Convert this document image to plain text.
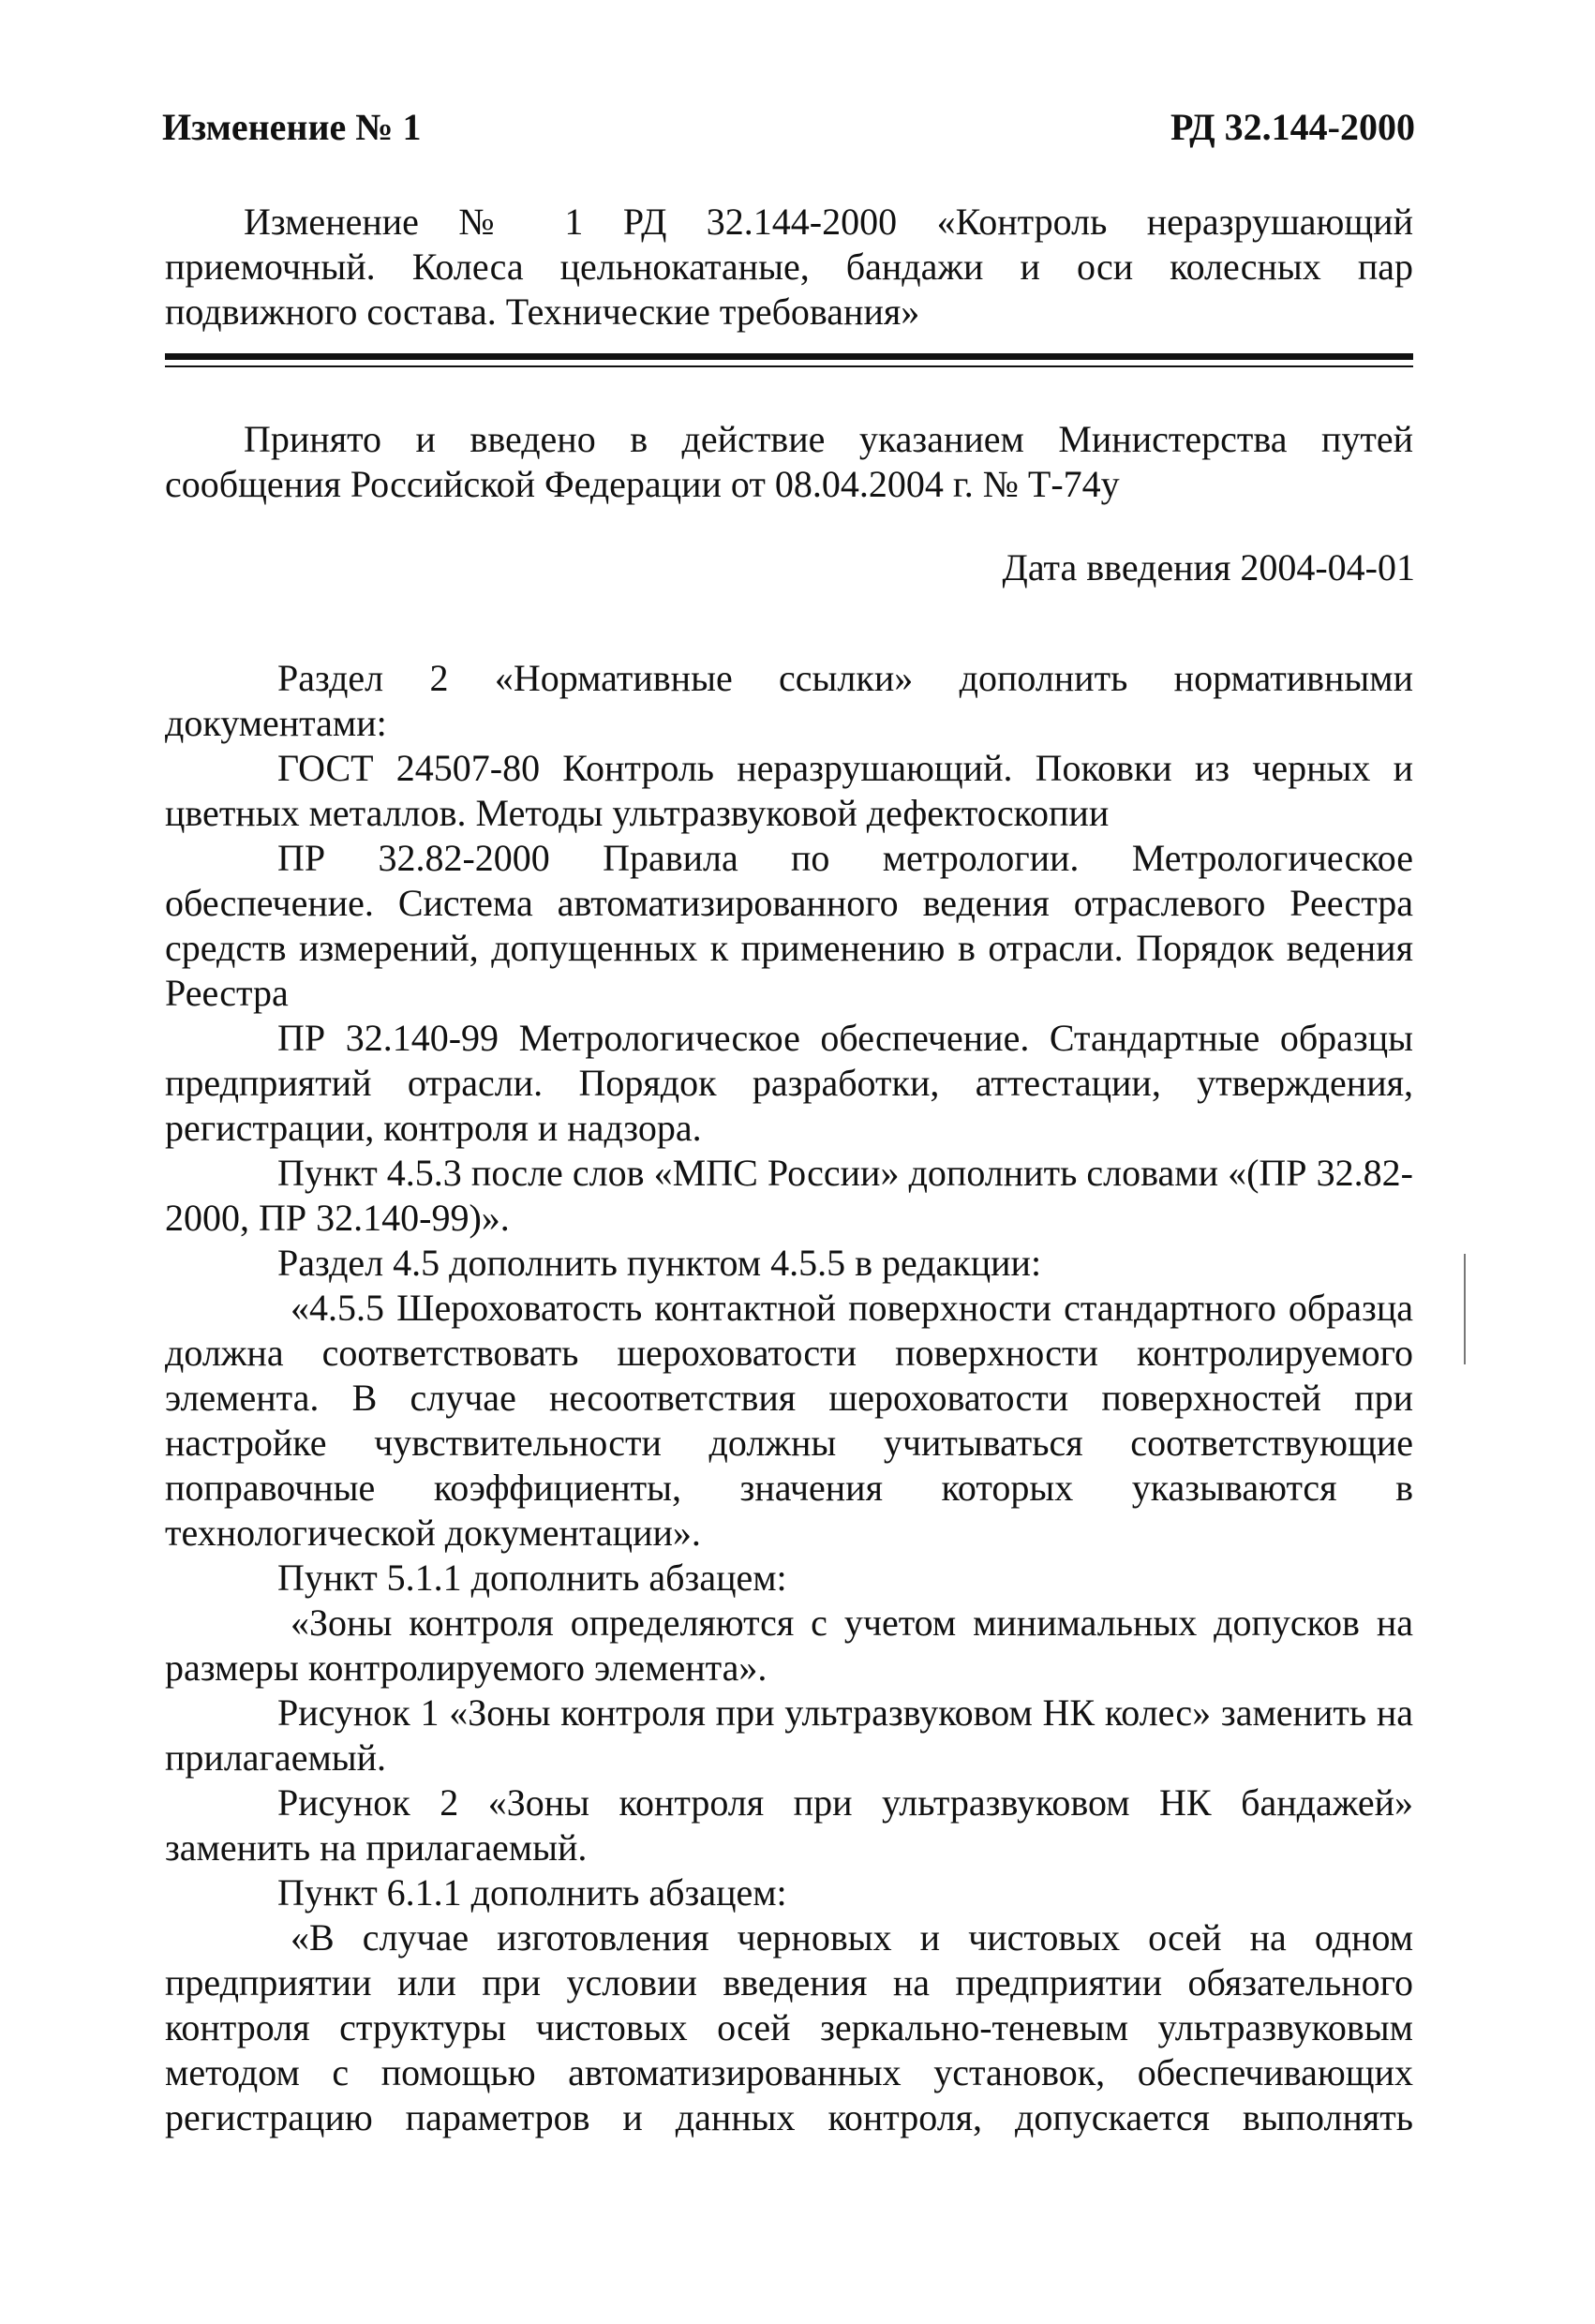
Изменение № 1	РД 32.144-2000
Изменение № 1 РД 32.144-2000 «Контроль неразрушающий приемочный. Колеса цельнокатаные, бандажи и оси колесных пар подвижного состава. Технические требования»
Принято и введено в действие указанием Министерства путей сообщения Российской Федерации от 08.04.2004 г. № Т-74у
Дата введения 2004-04-01

Раздел 2 «Нормативные ссылки» дополнить нормативными документами:

ГОСТ 24507-80 Контроль неразрушающий. Поковки из черных и цветных металлов. Методы ультразвуковой дефектоскопии

ПР 32.82-2000 Правила по метрологии. Метрологическое обеспечение. Система автоматизированного ведения отраслевого Реестра средств измерений, допущенных к применению в отрасли. Порядок ведения Реестра

ПР 32.140-99 Метрологическое обеспечение. Стандартные образцы предприятий отрасли. Порядок разработки, аттестации, утверждения, регистрации, контроля и надзора.

Пункт 4.5.3 после слов «МПС России» дополнить словами «(ПР 32.82-2000, ПР 32.140-99)».

Раздел 4.5 дополнить пунктом 4.5.5 в редакции:

«4.5.5 Шероховатость контактной поверхности стандартного образца должна соответствовать шероховатости поверхности контролируемого элемента. В случае несоответствия шероховатости поверхностей при настройке чувствительности должны учитываться соответствующие поправочные коэффициенты, значения которых указываются в технологической документации».

Пункт 5.1.1 дополнить абзацем:

«Зоны контроля определяются с учетом минимальных допусков на размеры контролируемого элемента».

Рисунок 1 «Зоны контроля при ультразвуковом НК колес» заменить на прилагаемый.

Рисунок 2 «Зоны контроля при ультразвуковом НК бандажей» заменить на прилагаемый.

Пункт 6.1.1 дополнить абзацем:

«В случае изготовления черновых и чистовых осей на одном предприятии или при условии введения на предприятии обязательного контроля структуры чистовых осей зеркально-теневым ультразвуковым методом с помощью автоматизированных установок, обеспечивающих регистрацию параметров и данных контроля, допускается выполнять
